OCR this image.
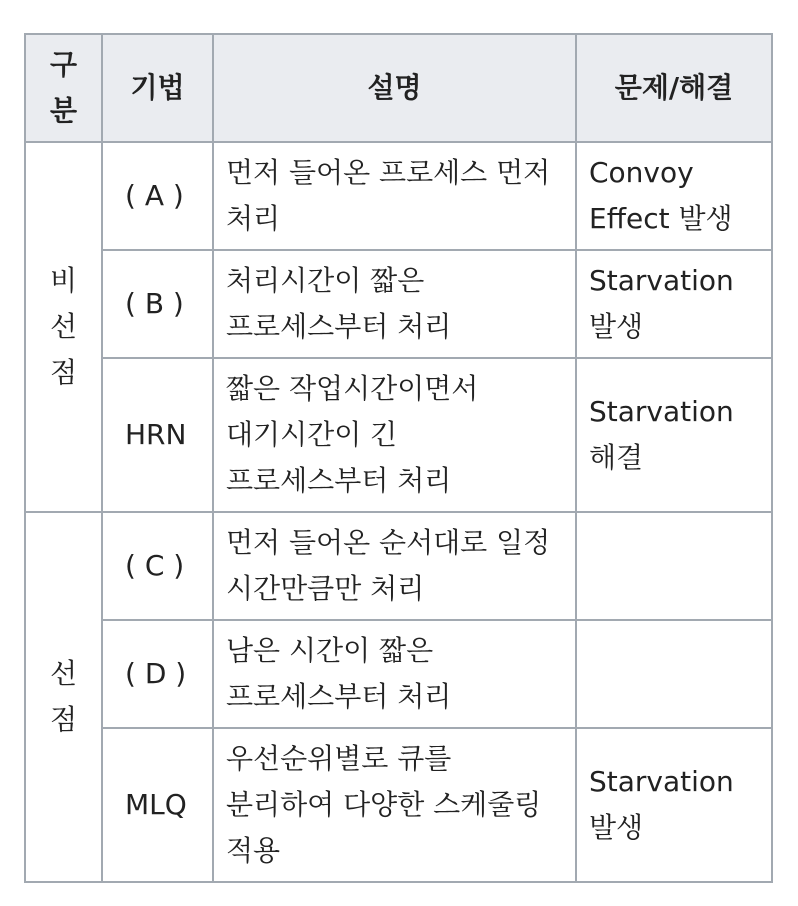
구분	기법	설명	문제/해결
비선점	( A )	먼저 들어온 프로세스 먼저 처리	Convoy Effect 발생

	( B )	처리시간이 짧은 프로세스부터 처리	Starvation 발생

	HRN	짧은 작업시간이면서 대기시간이 긴 프로세스부터 처리	Starvation 해결

선점	( C )	먼저 들어온 순서대로 일정 시간만큼만 처리	

	( D )	남은 시간이 짧은 프로세스부터 처리	

	MLQ	우선순위별로 큐를 분리하여 다양한 스케줄링 적용	Starvation 발생
